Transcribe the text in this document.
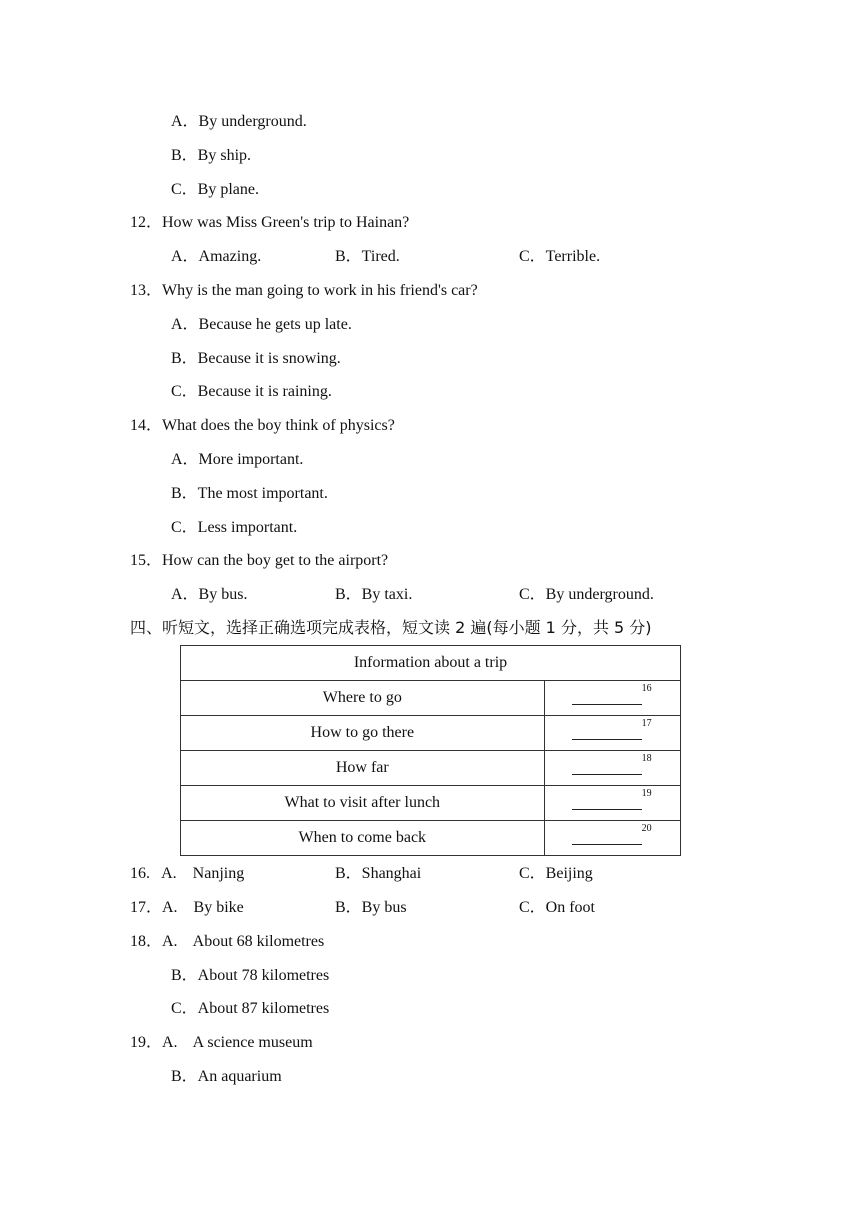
A．By underground.
B．By ship.
C．By plane.
12．How was Miss Green's trip to Hainan?
A．Amazing.	B．Tired.	C．Terrible.
13．Why is the man going to work in his friend's car?
A．Because he gets up late.
B．Because it is snowing.
C．Because it is raining.
14．What does the boy think of physics?
A．More important.
B．The most important.
C．Less important.
15．How can the boy get to the airport?
A．By bus.	B．By taxi.	C．By underground.
四、听短文，选择正确选项完成表格，短文读 2 遍(每小题 1 分，共 5 分)
Information about a trip	
Where to go	16

How to go there	17

How far	18

What to visit after lunch	19

When to come back	20
16.   A.    Nanjing	B．Shanghai	C．Beijing
17．A.    By bike	B．By bus	C．On foot
18．A.    About 68 kilometres
B．About 78 kilometres
C．About 87 kilometres
19．A.    A science museum
B．An aquarium
